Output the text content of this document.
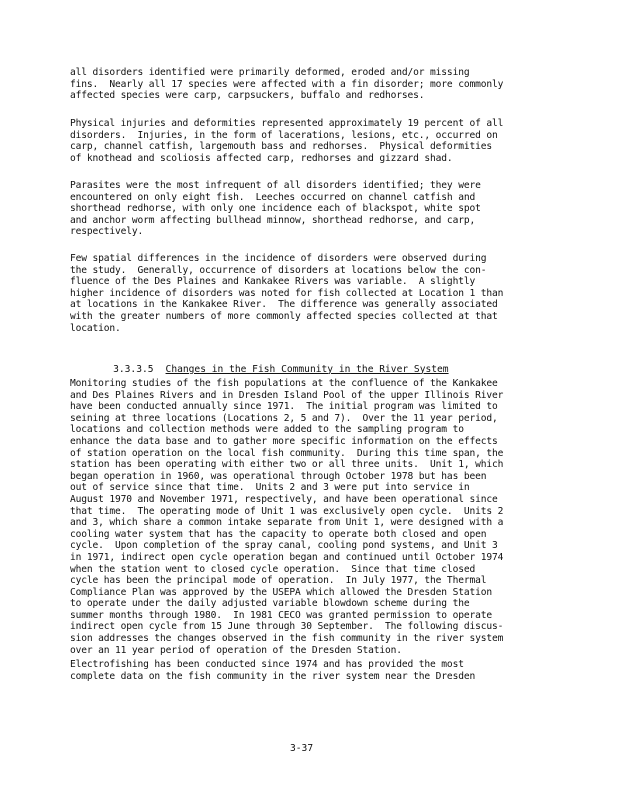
all disorders identified were primarily deformed, eroded and/or missing
fins.  Nearly all 17 species were affected with a fin disorder; more commonly
affected species were carp, carpsuckers, buffalo and redhorses.

Physical injuries and deformities represented approximately 19 percent of all
disorders.  Injuries, in the form of lacerations, lesions, etc., occurred on
carp, channel catfish, largemouth bass and redhorses.  Physical deformities
of knothead and scoliosis affected carp, redhorses and gizzard shad.

Parasites were the most infrequent of all disorders identified; they were
encountered on only eight fish.  Leeches occurred on channel catfish and
shorthead redhorse, with only one incidence each of blackspot, white spot
and anchor worm affecting bullhead minnow, shorthead redhorse, and carp,
respectively.

Few spatial differences in the incidence of disorders were observed during
the study.  Generally, occurrence of disorders at locations below the con-
fluence of the Des Plaines and Kankakee Rivers was variable.  A slightly
higher incidence of disorders was noted for fish collected at Location 1 than
at locations in the Kankakee River.  The difference was generally associated
with the greater numbers of more commonly affected species collected at that
location.

3.3.3.5 Changes in the Fish Community in the River System

Monitoring studies of the fish populations at the confluence of the Kankakee
and Des Plaines Rivers and in Dresden Island Pool of the upper Illinois River
have been conducted annually since 1971.  The initial program was limited to
seining at three locations (Locations 2, 5 and 7).  Over the 11 year period,
locations and collection methods were added to the sampling program to
enhance the data base and to gather more specific information on the effects
of station operation on the local fish community.  During this time span, the
station has been operating with either two or all three units.  Unit 1, which
began operation in 1960, was operational through October 1978 but has been
out of service since that time.  Units 2 and 3 were put into service in
August 1970 and November 1971, respectively, and have been operational since
that time.  The operating mode of Unit 1 was exclusively open cycle.  Units 2
and 3, which share a common intake separate from Unit 1, were designed with a
cooling water system that has the capacity to operate both closed and open
cycle.  Upon completion of the spray canal, cooling pond systems, and Unit 3
in 1971, indirect open cycle operation began and continued until October 1974
when the station went to closed cycle operation.  Since that time closed
cycle has been the principal mode of operation.  In July 1977, the Thermal
Compliance Plan was approved by the USEPA which allowed the Dresden Station
to operate under the daily adjusted variable blowdown scheme during the
summer months through 1980.  In 1981 CECO was granted permission to operate
indirect open cycle from 15 June through 30 September.  The following discus-
sion addresses the changes observed in the fish community in the river system
over an 11 year period of operation of the Dresden Station.

Electrofishing has been conducted since 1974 and has provided the most
complete data on the fish community in the river system near the Dresden

3-37
